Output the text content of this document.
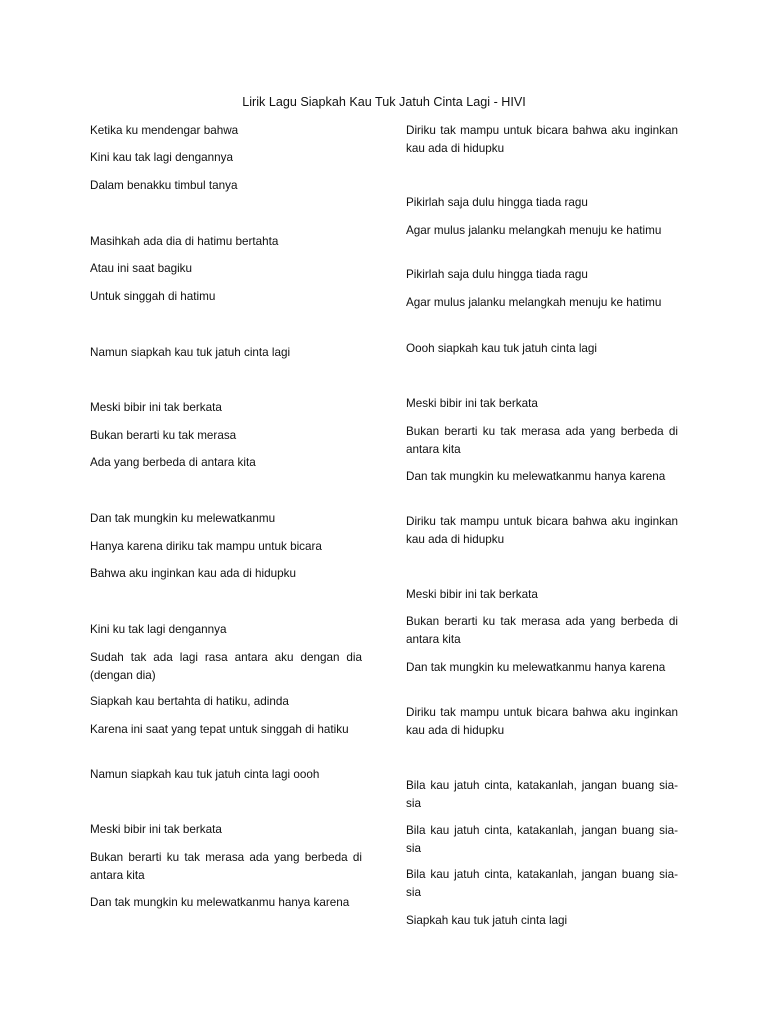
Lirik Lagu Siapkah Kau Tuk Jatuh Cinta Lagi - HIVI

Ketika ku mendengar bahwa

Kini kau tak lagi dengannya

Dalam benakku timbul tanya

Masihkah ada dia di hatimu bertahta

Atau ini saat bagiku

Untuk singgah di hatimu

Namun siapkah kau tuk jatuh cinta lagi

Meski bibir ini tak berkata

Bukan berarti ku tak merasa

Ada yang berbeda di antara kita

Dan tak mungkin ku melewatkanmu

Hanya karena diriku tak mampu untuk bicara

Bahwa aku inginkan kau ada di hidupku

Kini ku tak lagi dengannya

Sudah tak ada lagi rasa antara aku dengan dia (dengan dia)

Siapkah kau bertahta di hatiku, adinda

Karena ini saat yang tepat untuk singgah di hatiku

Namun siapkah kau tuk jatuh cinta lagi oooh

Meski bibir ini tak berkata

Bukan berarti ku tak merasa ada yang berbeda di antara kita

Dan tak mungkin ku melewatkanmu hanya karena

Diriku tak mampu untuk bicara bahwa aku inginkan kau ada di hidupku

Pikirlah saja dulu hingga tiada ragu

Agar mulus jalanku melangkah menuju ke hatimu

Pikirlah saja dulu hingga tiada ragu

Agar mulus jalanku melangkah menuju ke hatimu

Oooh siapkah kau tuk jatuh cinta lagi

Meski bibir ini tak berkata

Bukan berarti ku tak merasa ada yang berbeda di antara kita

Dan tak mungkin ku melewatkanmu hanya karena

Diriku tak mampu untuk bicara bahwa aku inginkan kau ada di hidupku

Meski bibir ini tak berkata

Bukan berarti ku tak merasa ada yang berbeda di antara kita

Dan tak mungkin ku melewatkanmu hanya karena

Diriku tak mampu untuk bicara bahwa aku inginkan kau ada di hidupku

Bila kau jatuh cinta, katakanlah, jangan buang sia-sia

Bila kau jatuh cinta, katakanlah, jangan buang sia-sia

Bila kau jatuh cinta, katakanlah, jangan buang sia-sia

Siapkah kau tuk jatuh cinta lagi
